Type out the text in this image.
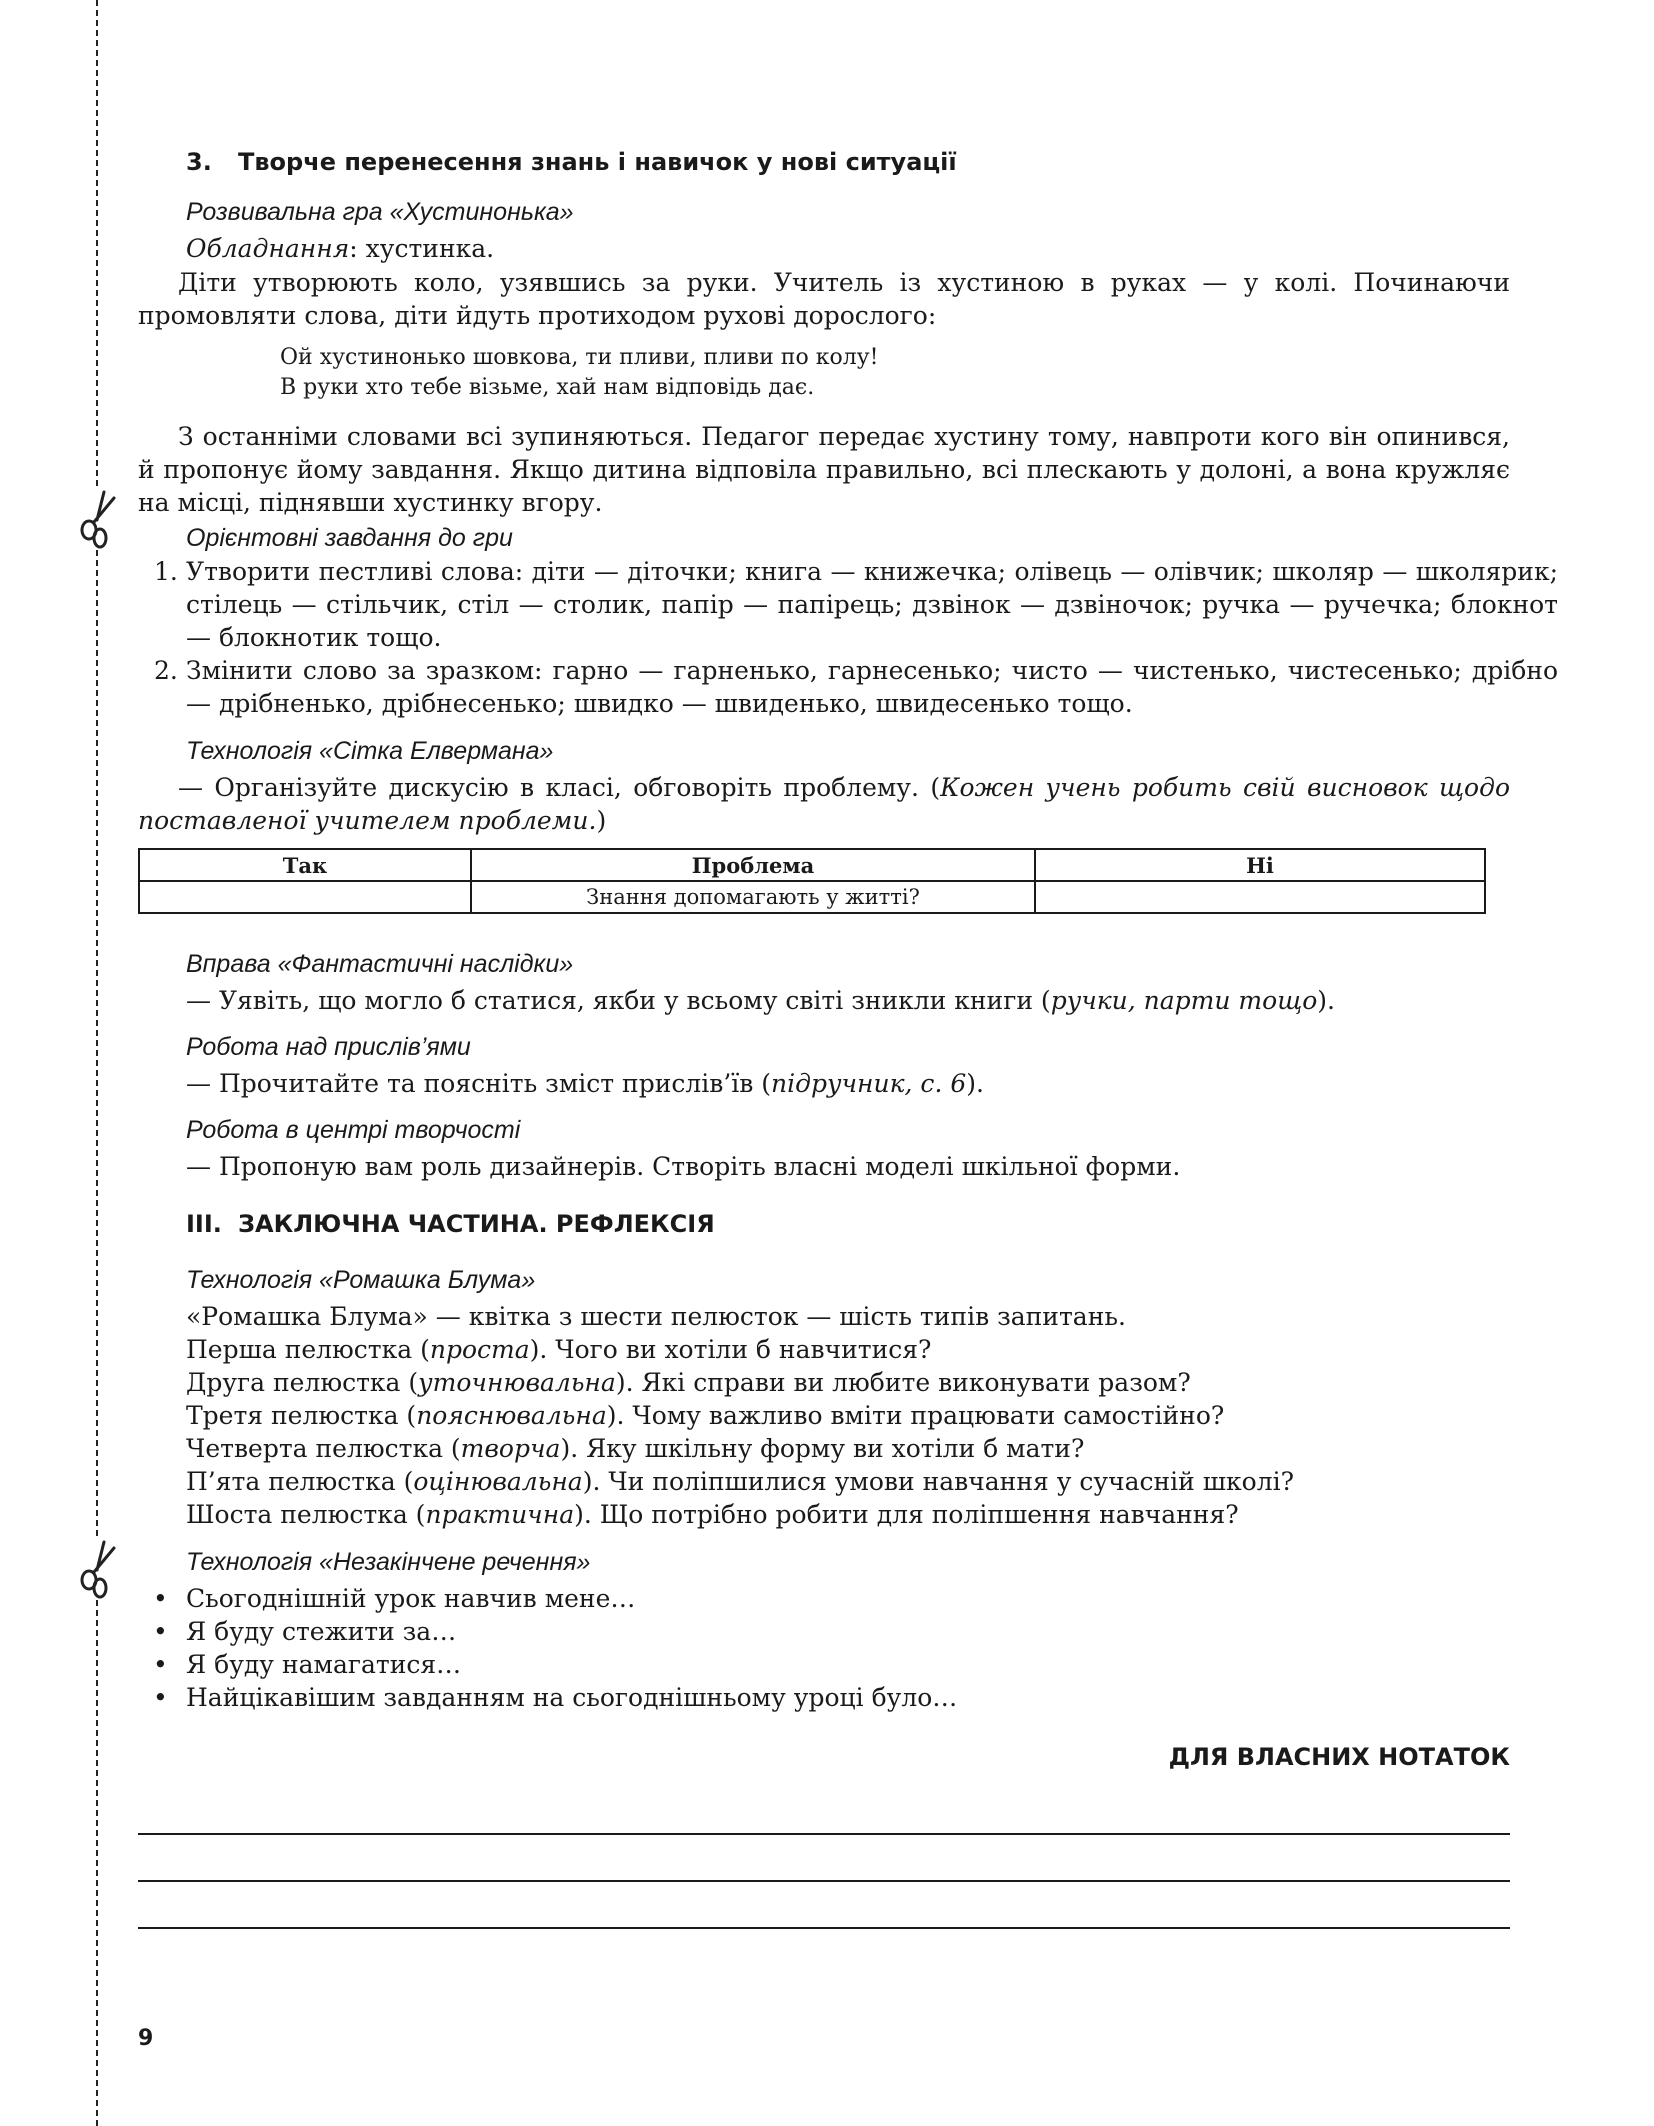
3. Творче перенесення знань і навичок у нові ситуації
Розвивальна гра «Хустинонька»
Обладнання: хустинка.
Діти утворюють коло, узявшись за руки. Учитель із хустиною в руках — у колі. Починаючи промовляти слова, діти йдуть протиходом руховi дорослого:
Ой хустинонько шовкова, ти пливи, пливи по колу!
В руки хто тебе візьме, хай нам відповідь дає.
З останніми словами всі зупиняються. Педагог передає хустину тому, навпроти кого він опинився, й пропонує йому завдання. Якщо дитина відповіла правильно, всі плескають у долоні, а вона кружляє на місці, піднявши хустинку вгору.
Орієнтовні завдання до гри
1. Утворити пестливі слова: діти — діточки; книга — книжечка; олівець — олівчик; школяр — школярик; стілець — стільчик, стіл — столик, папір — папірець; дзвінок — дзвіночок; ручка — ручечка; блокнот — блокнотик тощо.
2. Змінити слово за зразком: гарно — гарненько, гарнесенько; чисто — чистенько, чистесенько; дрібно — дрібненько, дрібнесенько; швидко — швиденько, швидесенько тощо.
Технологія «Сітка Елвермана»
— Організуйте дискусію в класі, обговоріть проблему. (Кожен учень робить свій висновок щодо поставленої учителем проблеми.)
Так	Проблема	Ні
	Знання допомагають у житті?	
Вправа «Фантастичні наслідки»
— Уявіть, що могло б статися, якби у всьому світі зникли книги (ручки, парти тощо).
Робота над прислів’ями
— Прочитайте та поясніть зміст прислів’їв (підручник, с. 6).
Робота в центрі творчості
— Пропоную вам роль дизайнерів. Створіть власні моделі шкільної форми.
ІІІ. ЗАКЛЮЧНА ЧАСТИНА. РЕФЛЕКСІЯ
Технологія «Ромашка Блума»
«Ромашка Блума» — квітка з шести пелюсток — шість типів запитань.
Перша пелюстка (проста). Чого ви хотіли б навчитися?
Друга пелюстка (уточнювальна). Які справи ви любите виконувати разом?
Третя пелюстка (пояснювальна). Чому важливо вміти працювати самостійно?
Четверта пелюстка (творча). Яку шкільну форму ви хотіли б мати?
П’ята пелюстка (оцінювальна). Чи поліпшилися умови навчання у сучасній школі?
Шоста пелюстка (практична). Що потрібно робити для поліпшення навчання?
Технологія «Незакінчене речення»
• Сьогоднішній урок навчив мене…
• Я буду стежити за…
• Я буду намагатися…
• Найцікавішим завданням на сьогоднішньому уроці було…
ДЛЯ ВЛАСНИХ НОТАТОК
9
